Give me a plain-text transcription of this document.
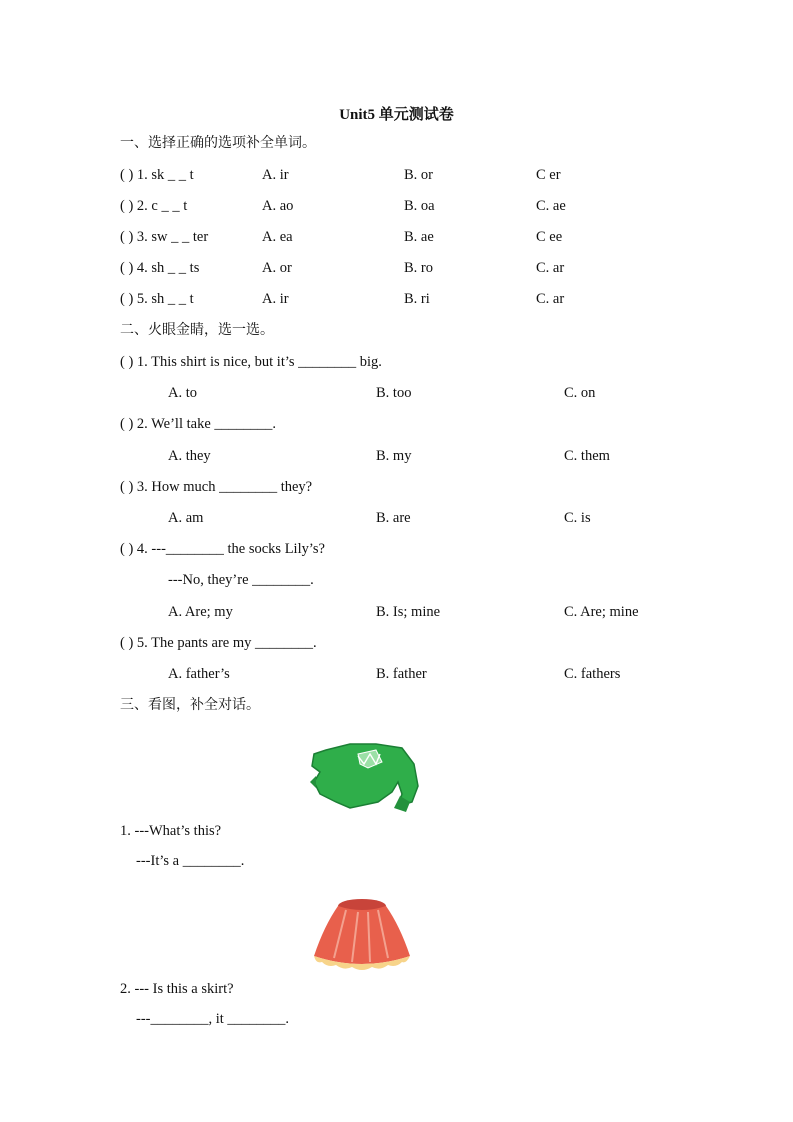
Unit5 单元测试卷
一、选择正确的选项补全单词。
( ) 1. sk _ _ t	A. ir	B. or	C er
( ) 2. c _ _ t	A. ao	B. oa	C. ae
( ) 3. sw _ _ ter	A. ea	B. ae	C ee
( ) 4. sh _ _ ts	A. or	B. ro	C. ar
( ) 5. sh _ _ t	A. ir	B. ri	C. ar
二、火眼金睛，选一选。
( ) 1. This shirt is nice, but it’s ________ big.
A. to	B. too	C. on
( ) 2. We’ll take ________.
A. they	B. my	C. them
( ) 3. How much ________ they?
A. am	B. are	C. is
( ) 4. ---________ the socks Lily’s?
---No, they’re ________.
A. Are; my	B. Is; mine	C. Are; mine
( ) 5. The pants are my ________.
A. father’s	B. father	C. fathers
三、看图，补全对话。
1. ---What’s this?
---It’s a ________.
2. --- Is this a skirt?
---________, it ________.
